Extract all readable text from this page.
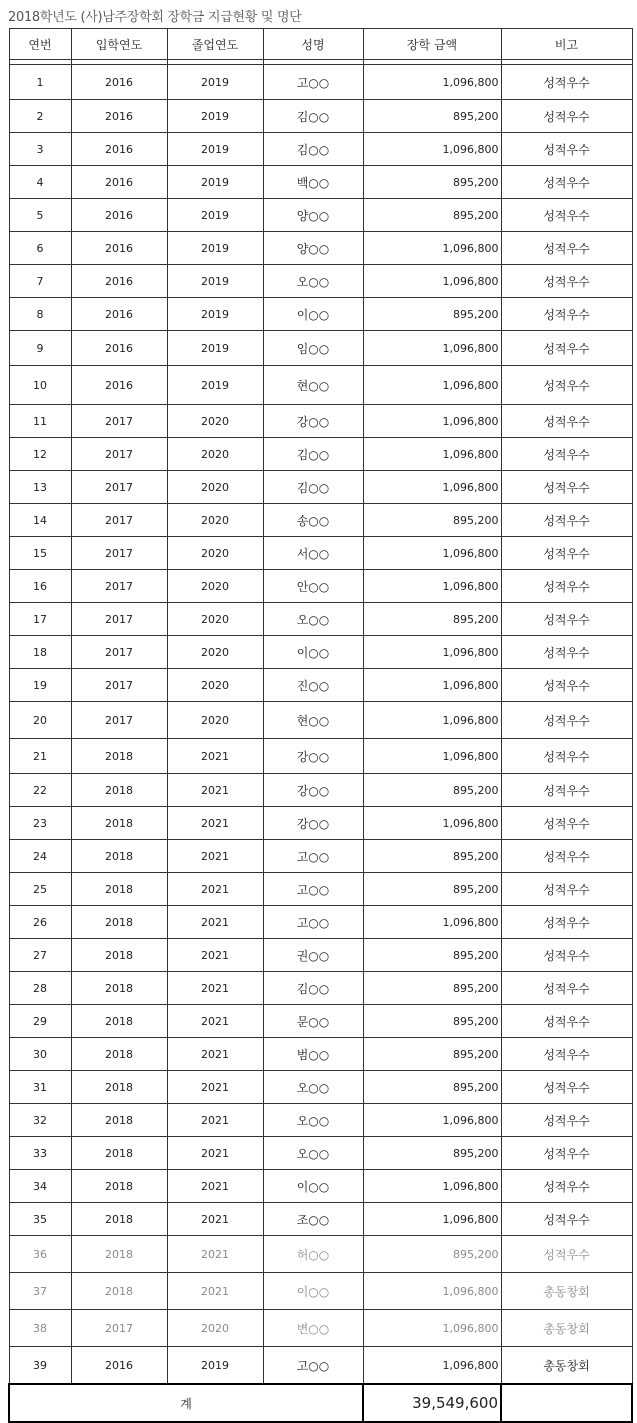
2018학년도 (사)남주장학회 장학금 지급현황 및 명단
연번	입학연도	졸업연도	성명	장학 금액	비고

1	2016	2019	고○○	1,096,800	성적우수
2	2016	2019	김○○	895,200	성적우수
3	2016	2019	김○○	1,096,800	성적우수
4	2016	2019	백○○	895,200	성적우수
5	2016	2019	양○○	895,200	성적우수
6	2016	2019	양○○	1,096,800	성적우수
7	2016	2019	오○○	1,096,800	성적우수
8	2016	2019	이○○	895,200	성적우수
9	2016	2019	임○○	1,096,800	성적우수
10	2016	2019	현○○	1,096,800	성적우수
11	2017	2020	강○○	1,096,800	성적우수
12	2017	2020	김○○	1,096,800	성적우수
13	2017	2020	김○○	1,096,800	성적우수
14	2017	2020	송○○	895,200	성적우수
15	2017	2020	서○○	1,096,800	성적우수
16	2017	2020	안○○	1,096,800	성적우수
17	2017	2020	오○○	895,200	성적우수
18	2017	2020	이○○	1,096,800	성적우수
19	2017	2020	진○○	1,096,800	성적우수
20	2017	2020	현○○	1,096,800	성적우수
21	2018	2021	강○○	1,096,800	성적우수
22	2018	2021	강○○	895,200	성적우수
23	2018	2021	강○○	1,096,800	성적우수
24	2018	2021	고○○	895,200	성적우수
25	2018	2021	고○○	895,200	성적우수
26	2018	2021	고○○	1,096,800	성적우수
27	2018	2021	권○○	895,200	성적우수
28	2018	2021	김○○	895,200	성적우수
29	2018	2021	문○○	895,200	성적우수
30	2018	2021	범○○	895,200	성적우수
31	2018	2021	오○○	895,200	성적우수
32	2018	2021	오○○	1,096,800	성적우수
33	2018	2021	오○○	895,200	성적우수
34	2018	2021	이○○	1,096,800	성적우수
35	2018	2021	조○○	1,096,800	성적우수
36	2018	2021	허○○	895,200	성적우수
37	2018	2021	이○○	1,096,800	총동창회
38	2017	2020	변○○	1,096,800	총동창회
39	2016	2019	고○○	1,096,800	총동창회
계				39,549,600	
